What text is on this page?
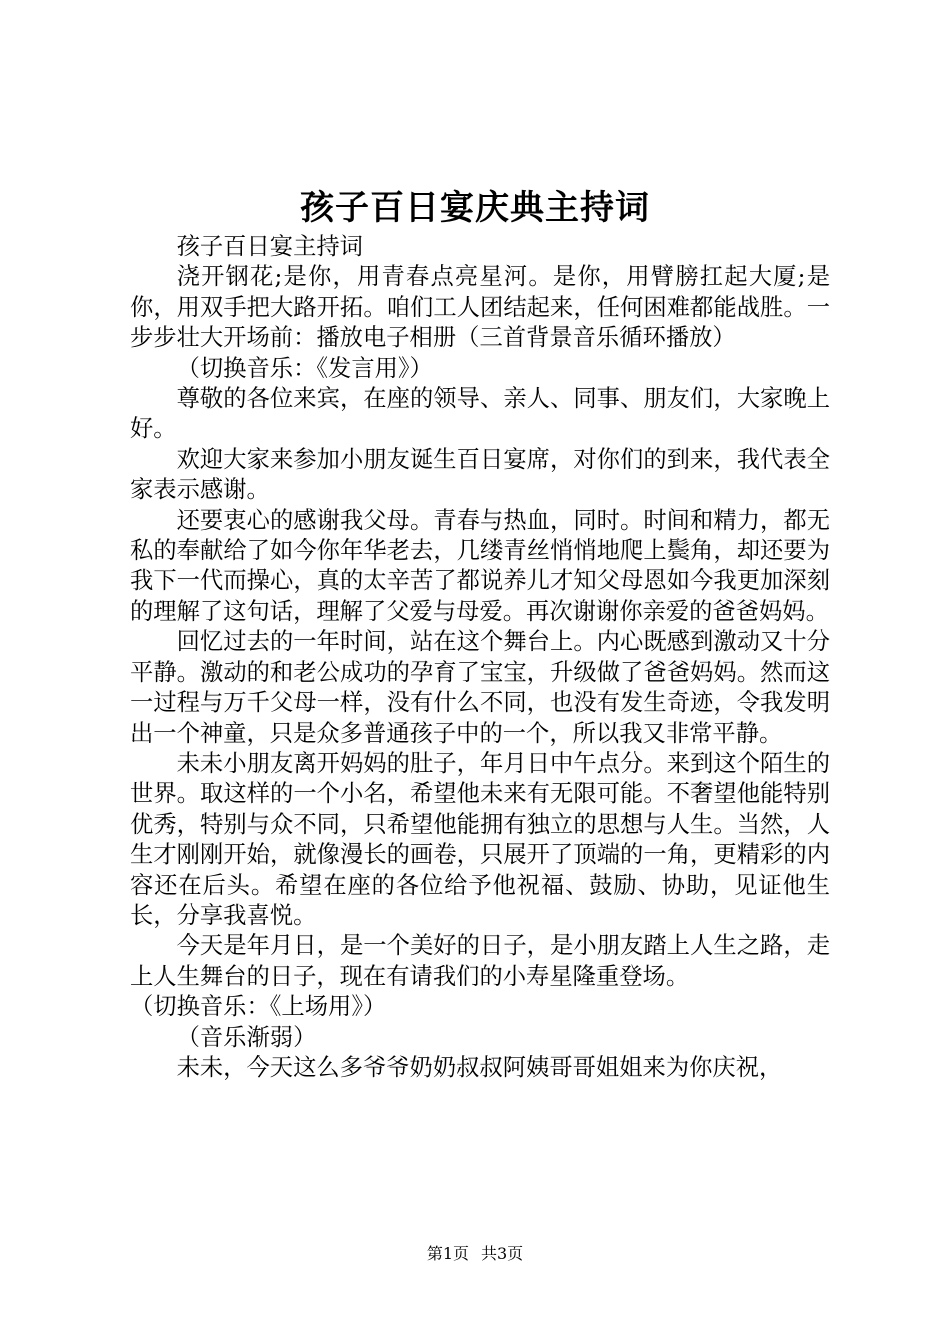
孩子百日宴庆典主持词

孩子百日宴主持词

浇开钢花;是你，用青春点亮星河。是你，用臂膀扛起大厦;是你，用双手把大路开拓。咱们工人团结起来，任何困难都能战胜。一步步壮大开场前：播放电子相册（三首背景音乐循环播放）

（切换音乐：《发言用》）

尊敬的各位来宾，在座的领导、亲人、同事、朋友们，大家晚上好。

欢迎大家来参加小朋友诞生百日宴席，对你们的到来，我代表全家表示感谢。

还要衷心的感谢我父母。青春与热血，同时。时间和精力，都无私的奉献给了如今你年华老去，几缕青丝悄悄地爬上鬓角，却还要为我下一代而操心，真的太辛苦了都说养儿才知父母恩如今我更加深刻的理解了这句话，理解了父爱与母爱。再次谢谢你亲爱的爸爸妈妈。

回忆过去的一年时间，站在这个舞台上。内心既感到激动又十分平静。激动的和老公成功的孕育了宝宝，升级做了爸爸妈妈。然而这一过程与万千父母一样，没有什么不同，也没有发生奇迹，令我发明出一个神童，只是众多普通孩子中的一个，所以我又非常平静。

未未小朋友离开妈妈的肚子，年月日中午点分。来到这个陌生的世界。取这样的一个小名，希望他未来有无限可能。不奢望他能特别优秀，特别与众不同，只希望他能拥有独立的思想与人生。当然，人生才刚刚开始，就像漫长的画卷，只展开了顶端的一角，更精彩的内容还在后头。希望在座的各位给予他祝福、鼓励、协助，见证他生长，分享我喜悦。

今天是年月日，是一个美好的日子，是小朋友踏上人生之路，走上人生舞台的日子，现在有请我们的小寿星隆重登场。

（切换音乐：《上场用》）

（音乐渐弱）

未未，今天这么多爷爷奶奶叔叔阿姨哥哥姐姐来为你庆祝，

第1页 共3页
